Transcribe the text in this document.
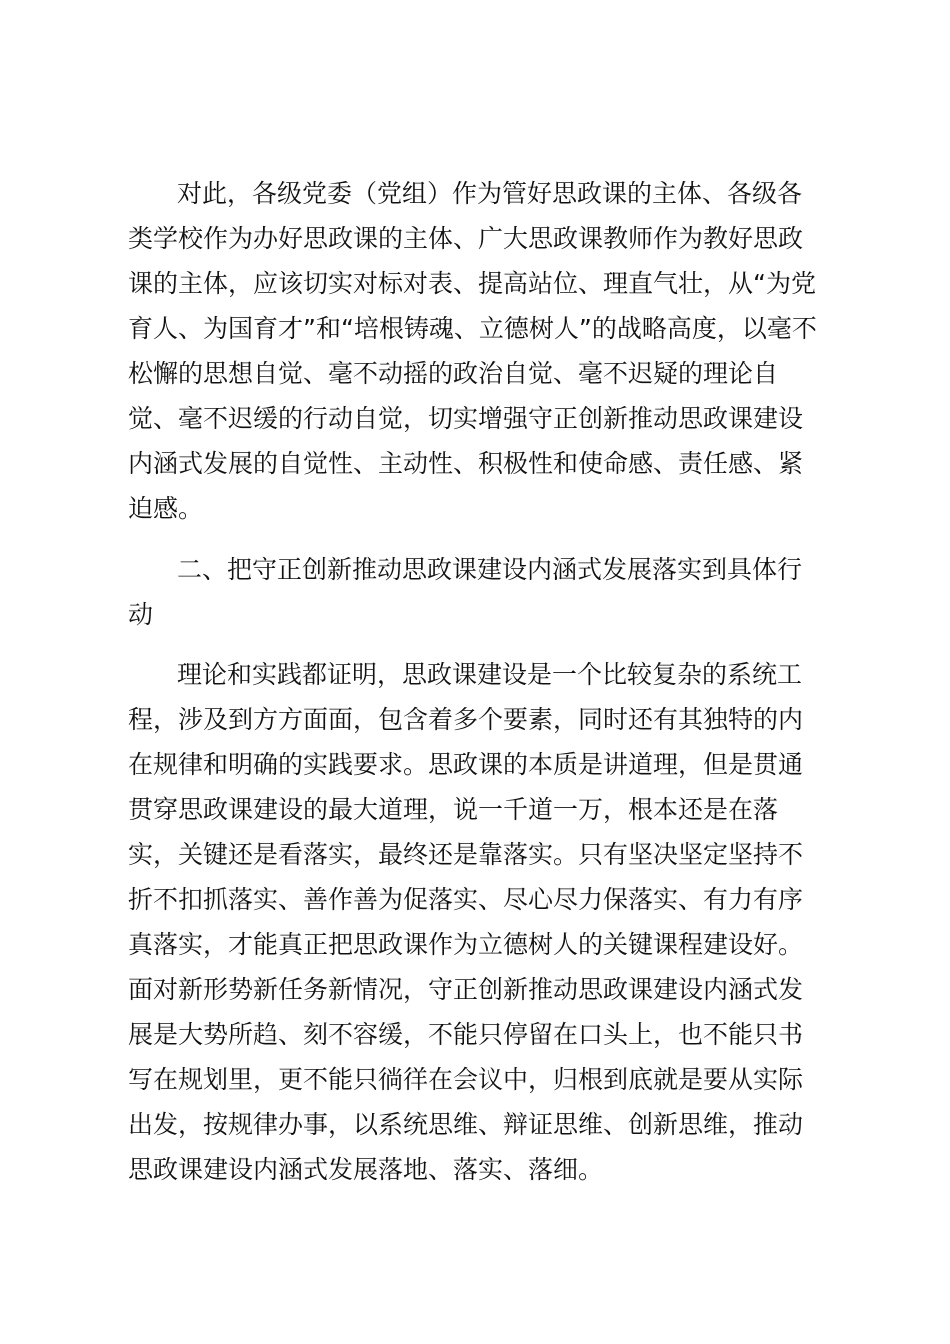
对此，各级党委（党组）作为管好思政课的主体、各级各

类学校作为办好思政课的主体、广大思政课教师作为教好思政

课的主体，应该切实对标对表、提高站位、理直气壮，从“为党

育人、为国育才”和“培根铸魂、立德树人”的战略高度，以毫不

松懈的思想自觉、毫不动摇的政治自觉、毫不迟疑的理论自

觉、毫不迟缓的行动自觉，切实增强守正创新推动思政课建设

内涵式发展的自觉性、主动性、积极性和使命感、责任感、紧

迫感。

二、把守正创新推动思政课建设内涵式发展落实到具体行

动

理论和实践都证明，思政课建设是一个比较复杂的系统工

程，涉及到方方面面，包含着多个要素，同时还有其独特的内

在规律和明确的实践要求。思政课的本质是讲道理，但是贯通

贯穿思政课建设的最大道理，说一千道一万，根本还是在落

实，关键还是看落实，最终还是靠落实。只有坚决坚定坚持不

折不扣抓落实、善作善为促落实、尽心尽力保落实、有力有序

真落实，才能真正把思政课作为立德树人的关键课程建设好。

面对新形势新任务新情况，守正创新推动思政课建设内涵式发

展是大势所趋、刻不容缓，不能只停留在口头上，也不能只书

写在规划里，更不能只徜徉在会议中，归根到底就是要从实际

出发，按规律办事，以系统思维、辩证思维、创新思维，推动

思政课建设内涵式发展落地、落实、落细。
